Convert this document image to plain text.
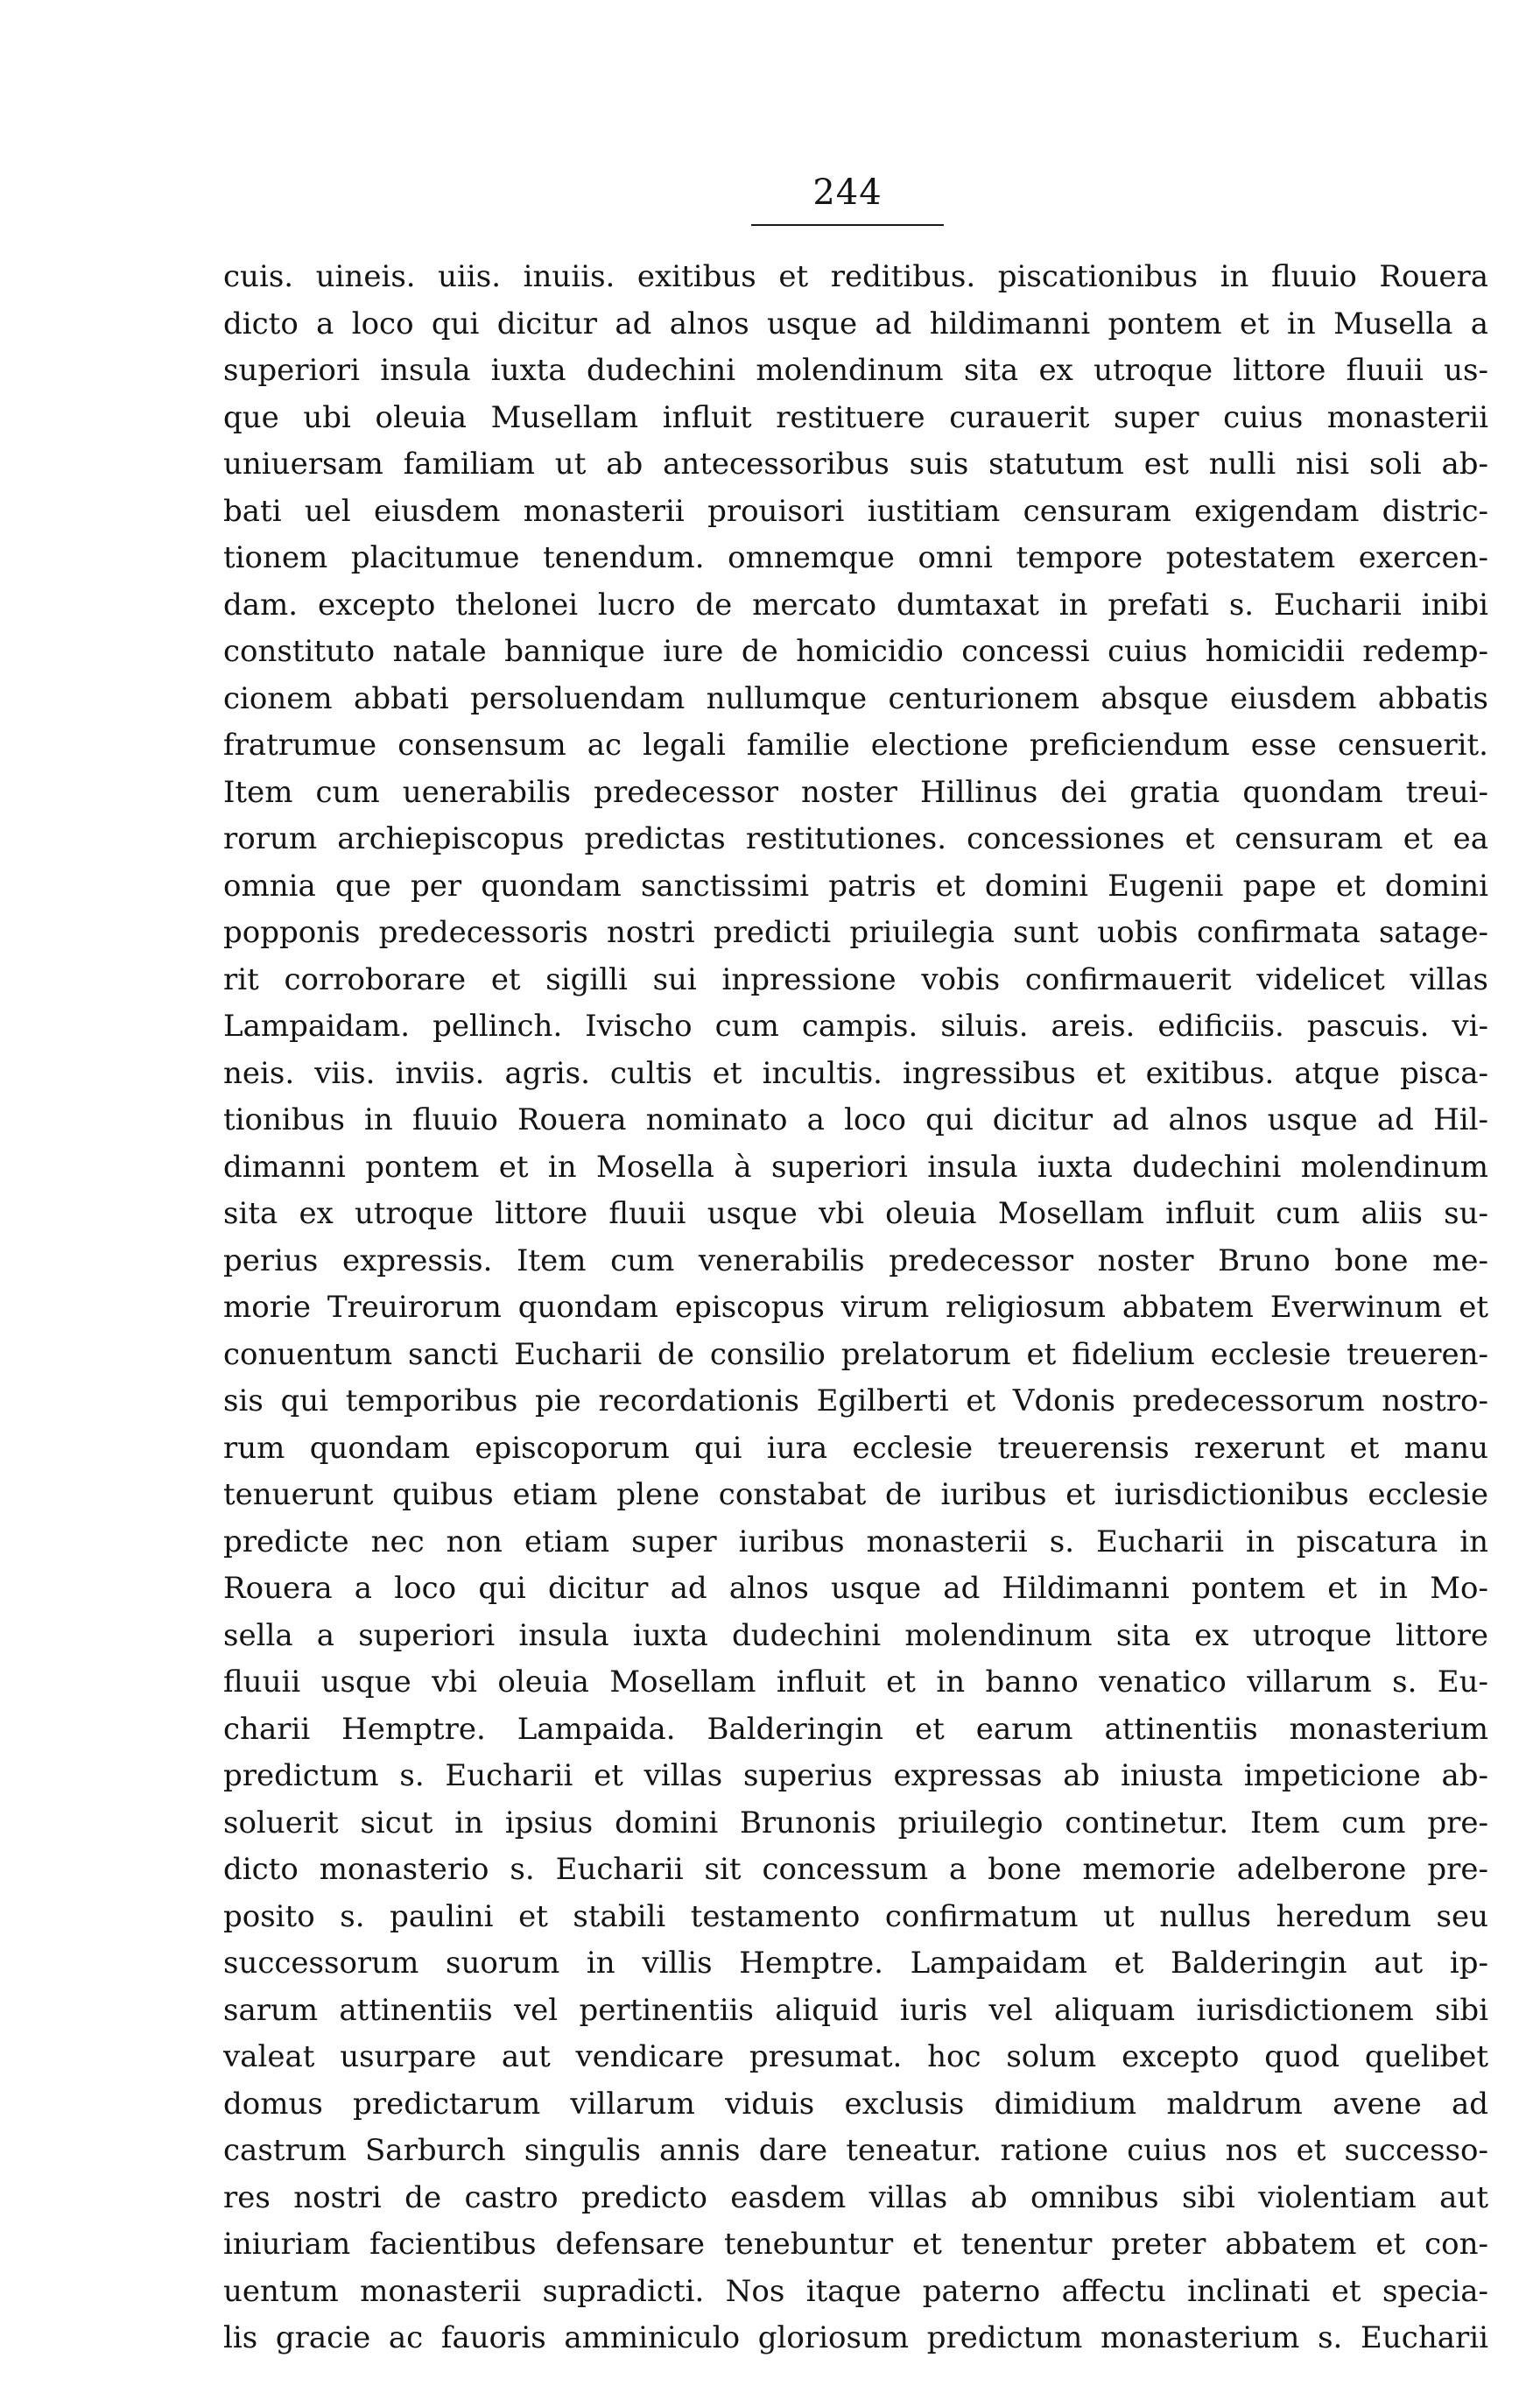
244
cuis. uineis. uiis. inuiis. exitibus et reditibus. piscationibus in fluuio Rouera
dicto a loco qui dicitur ad alnos usque ad hildimanni pontem et in Musella a
superiori insula iuxta dudechini molendinum sita ex utroque littore fluuii us-
que ubi oleuia Musellam influit restituere curauerit super cuius monasterii
uniuersam familiam ut ab antecessoribus suis statutum est nulli nisi soli ab-
bati uel eiusdem monasterii prouisori iustitiam censuram exigendam distric-
tionem placitumue tenendum. omnemque omni tempore potestatem exercen-
dam. excepto thelonei lucro de mercato dumtaxat in prefati s. Eucharii inibi
constituto natale bannique iure de homicidio concessi cuius homicidii redemp-
cionem abbati persoluendam nullumque centurionem absque eiusdem abbatis
fratrumue consensum ac legali familie electione preficiendum esse censuerit.
Item cum uenerabilis predecessor noster Hillinus dei gratia quondam treui-
rorum archiepiscopus predictas restitutiones. concessiones et censuram et ea
omnia que per quondam sanctissimi patris et domini Eugenii pape et domini
popponis predecessoris nostri predicti priuilegia sunt uobis confirmata satage-
rit corroborare et sigilli sui inpressione vobis confirmauerit videlicet villas
Lampaidam. pellinch. Ivischo cum campis. siluis. areis. edificiis. pascuis. vi-
neis. viis. inviis. agris. cultis et incultis. ingressibus et exitibus. atque pisca-
tionibus in fluuio Rouera nominato a loco qui dicitur ad alnos usque ad Hil-
dimanni pontem et in Mosella à superiori insula iuxta dudechini molendinum
sita ex utroque littore fluuii usque vbi oleuia Mosellam influit cum aliis su-
perius expressis. Item cum venerabilis predecessor noster Bruno bone me-
morie Treuirorum quondam episcopus virum religiosum abbatem Everwinum et
conuentum sancti Eucharii de consilio prelatorum et fidelium ecclesie treueren-
sis qui temporibus pie recordationis Egilberti et Vdonis predecessorum nostro-
rum quondam episcoporum qui iura ecclesie treuerensis rexerunt et manu
tenuerunt quibus etiam plene constabat de iuribus et iurisdictionibus ecclesie
predicte nec non etiam super iuribus monasterii s. Eucharii in piscatura in
Rouera a loco qui dicitur ad alnos usque ad Hildimanni pontem et in Mo-
sella a superiori insula iuxta dudechini molendinum sita ex utroque littore
fluuii usque vbi oleuia Mosellam influit et in banno venatico villarum s. Eu-
charii Hemptre. Lampaida. Balderingin et earum attinentiis monasterium
predictum s. Eucharii et villas superius expressas ab iniusta impeticione ab-
soluerit sicut in ipsius domini Brunonis priuilegio continetur. Item cum pre-
dicto monasterio s. Eucharii sit concessum a bone memorie adelberone pre-
posito s. paulini et stabili testamento confirmatum ut nullus heredum seu
successorum suorum in villis Hemptre. Lampaidam et Balderingin aut ip-
sarum attinentiis vel pertinentiis aliquid iuris vel aliquam iurisdictionem sibi
valeat usurpare aut vendicare presumat. hoc solum excepto quod quelibet
domus predictarum villarum viduis exclusis dimidium maldrum avene ad
castrum Sarburch singulis annis dare teneatur. ratione cuius nos et successo-
res nostri de castro predicto easdem villas ab omnibus sibi violentiam aut
iniuriam facientibus defensare tenebuntur et tenentur preter abbatem et con-
uentum monasterii supradicti. Nos itaque paterno affectu inclinati et specia-
lis gracie ac fauoris amminiculo gloriosum predictum monasterium s. Eucharii
